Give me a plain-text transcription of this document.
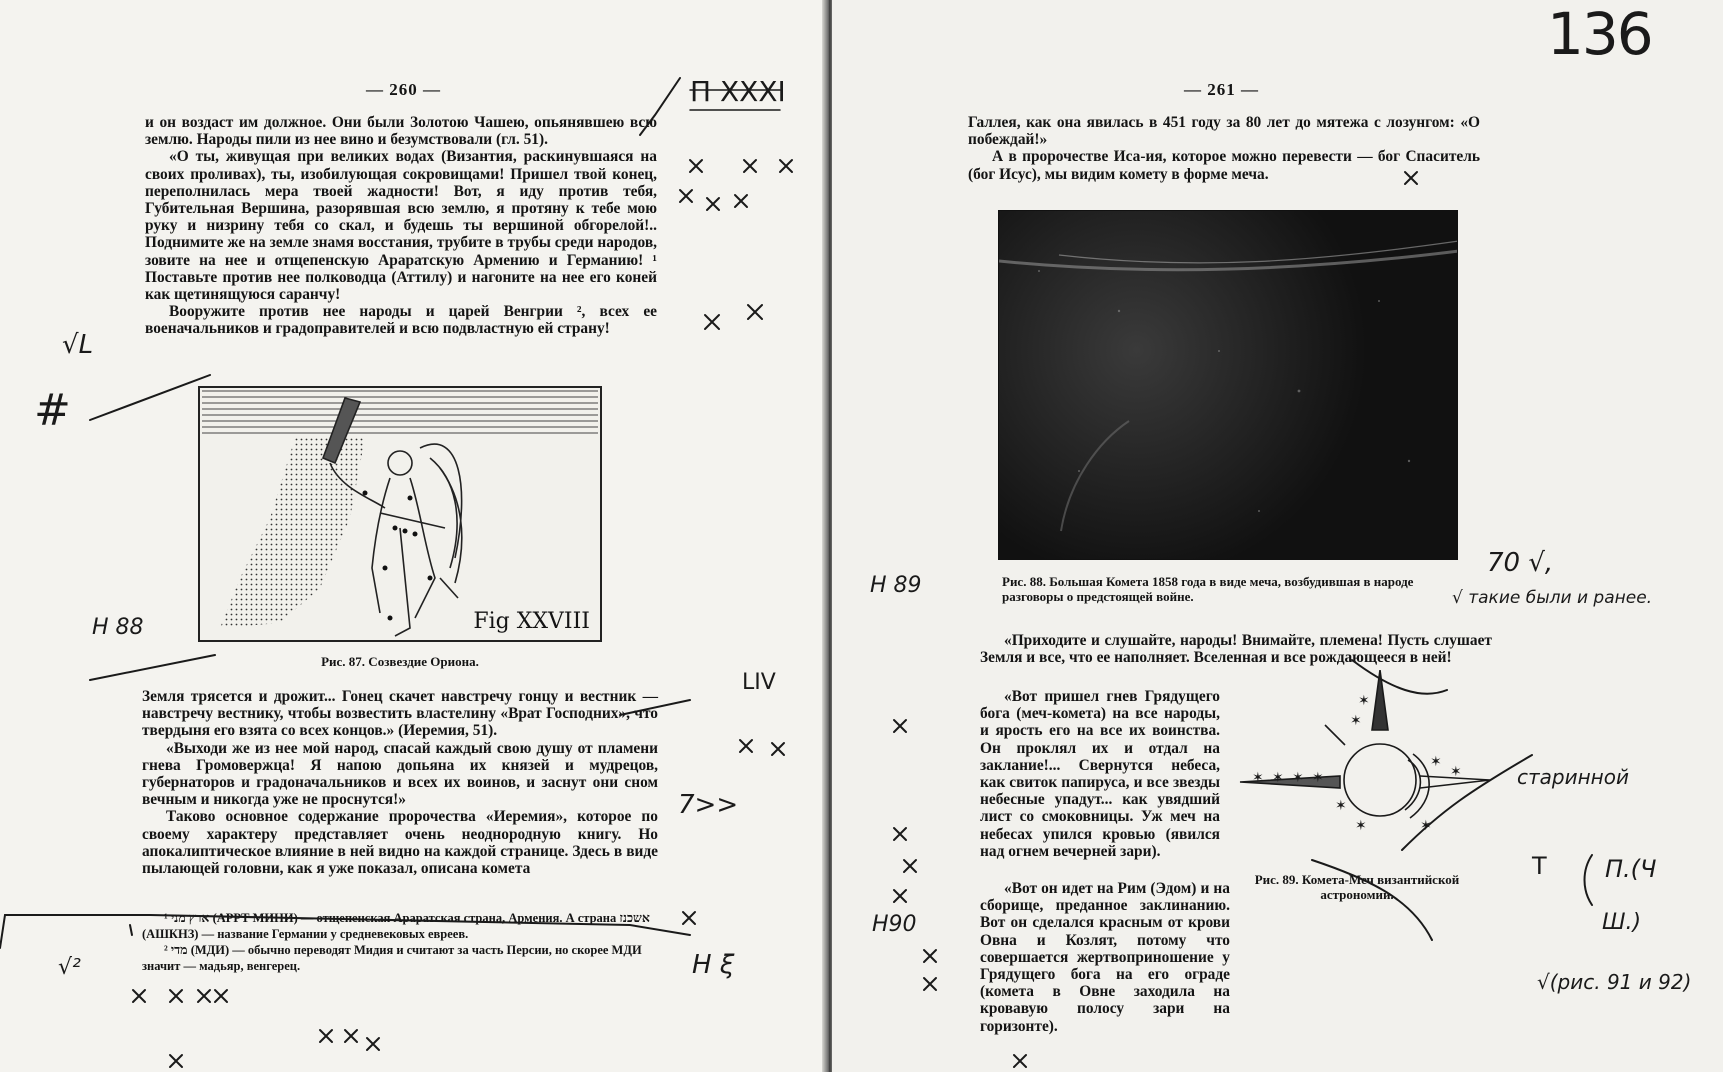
— 260 —

и он воздаст им должное. Они были Золотою Чашею, опьянявшею всю землю. Народы пили из нее вино и безумствовали (гл. 51).

«О ты, живущая при великих водах (Византия, раскинувшаяся на своих проливах), ты, изобилующая сокровищами! Пришел твой конец, переполнилась мера твоей жадности! Вот, я иду против тебя, Губительная Вершина, разорявшая всю землю, я протяну к тебе мою руку и низрину тебя со скал, и будешь ты вершиной обгорелой!.. Поднимите же на земле знамя восстания, трубите в трубы среди народов, зовите на нее и отщепенскую Араратскую Армению и Германию! ¹ Поставьте против нее полководца (Аттилу) и нагоните на нее его коней как щетинящуюся саранчу!

Вооружите против нее народы и царей Венгрии ², всех ее военачальников и градоправителей и всю подвластную ей страну!

Fig XXVIII
Рис. 87. Созвездие Ориона.

Земля трясется и дрожит... Гонец скачет навстречу гонцу и вестник — навстречу вестнику, чтобы возвестить властелину «Врат Господних», что твердыня его взята со всех концов.» (Иеремия, 51).

«Выходи же из нее мой народ, спасай каждый свою душу от пламени гнева Громовержца! Я напою допьяна их князей и мудрецов, губернаторов и градоначальников и всех их воинов, и заснут они сном вечным и никогда уже не проснутся!»

Таково основное содержание пророчества «Иеремия», которое по своему характеру представляет очень неоднородную книгу. Но апокалиптическое влияние в ней видно на каждой странице. Здесь в виде пылающей головни, как я уже показал, описана комета

¹ ארץ מני (АРРТ МИНИ) — отщепенская Араратская страна, Армения. А страна אשכנז (АШКНЗ) — название Германии у средневековых евреев.

² מדי (МДИ) — обычно переводят Мидия и считают за часть Персии, но скорее МДИ значит — мадьяр, венгерец.

П XXXI
Н 88
LIV
7>>
Н ξ
√L
#
√²
136
— 261 —

Галлея, как она явилась в 451 году за 80 лет до мятежа с лозунгом: «О побеждай!»

А в пророчестве Иса-ия, которое можно перевести — бог Спаситель (бог Исус), мы видим комету в форме меча.

Рис. 88. Большая Комета 1858 года в виде меча, возбудившая в народе разговоры о предстоящей войне.

«Приходите и слушайте, народы! Внимайте, племена! Пусть слушает Земля и все, что ее наполняет. Вселенная и все рождающееся в ней!

«Вот пришел гнев Грядущего бога (меч-комета) на все народы, и ярость его на все их воинства. Он проклял их и отдал на заклание!... Свернутся небеса, как свиток папируса, и все звезды небесные упадут... как увядший лист со смоковницы. Уж меч на небесах упился кровью (явился над огнем вечерней зари).

✶
✶
✶ ✶ ✶ ✶
✶
✶
✶
✶	✶
Рис. 89. Комета-Меч византийской астрономии.

«Вот он идет на Рим (Эдом) и на сборище, преданное заклинанию. Вот он сделался красным от крови Овна и Козлят, потому что совершается жертвоприношение у Грядущего бога на его ограде (комета в Овне заходила на кровавую полосу зари на горизонте).

Н 89
70 √,
√ такие были и ранее.
старинной
Т П.(Ч
Ш.)
Н90
√(рис. 91 и 92)
